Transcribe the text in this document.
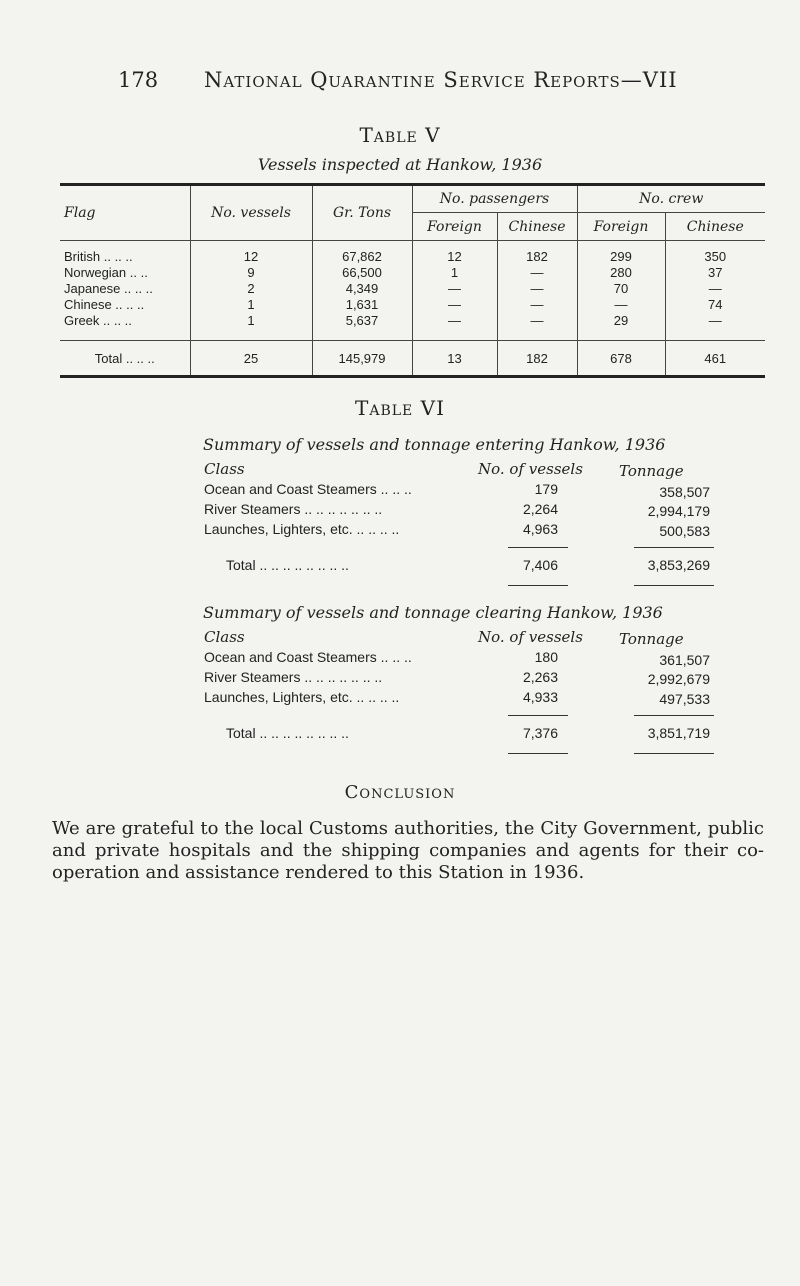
178 National Quarantine Service Reports—VII
Table V
Vessels inspected at Hankow, 1936
Flag	No. vessels	Gr. Tons	No. passengers		No. crew	
			Foreign	Chinese	Foreign	Chinese

British .. .. ..	12	67,862	12	182	299	350
Norwegian .. ..	9	66,500	1	—	280	37
Japanese .. .. ..	2	4,349	—	—	70	—
Chinese .. .. ..	1	1,631	—	—	—	74
Greek .. .. ..	1	5,637	—	—	29	—

Total .. .. ..	25	145,979	13	182	678	461
Table VI
Summary of vessels and tonnage entering Hankow, 1936
Class	No. of vessels Tonnage
Ocean and Coast Steamers .. .. ..	179	358,507
River Steamers .. .. .. .. .. .. ..	2,264	2,994,179
Launches, Lighters, etc. .. .. .. ..	4,963	500,583
Total .. .. .. .. .. .. .. ..	7,406	3,853,269
Summary of vessels and tonnage clearing Hankow, 1936
Class	No. of vessels Tonnage
Ocean and Coast Steamers .. .. ..	180	361,507
River Steamers .. .. .. .. .. .. ..	2,263	2,992,679
Launches, Lighters, etc. .. .. .. ..	4,933	497,533
Total .. .. .. .. .. .. .. ..	7,376	3,851,719
Conclusion
We are grateful to the local Customs authorities, the City Government, public and private hospitals and the shipping companies and agents for their co-operation and assistance rendered to this Station in 1936.
